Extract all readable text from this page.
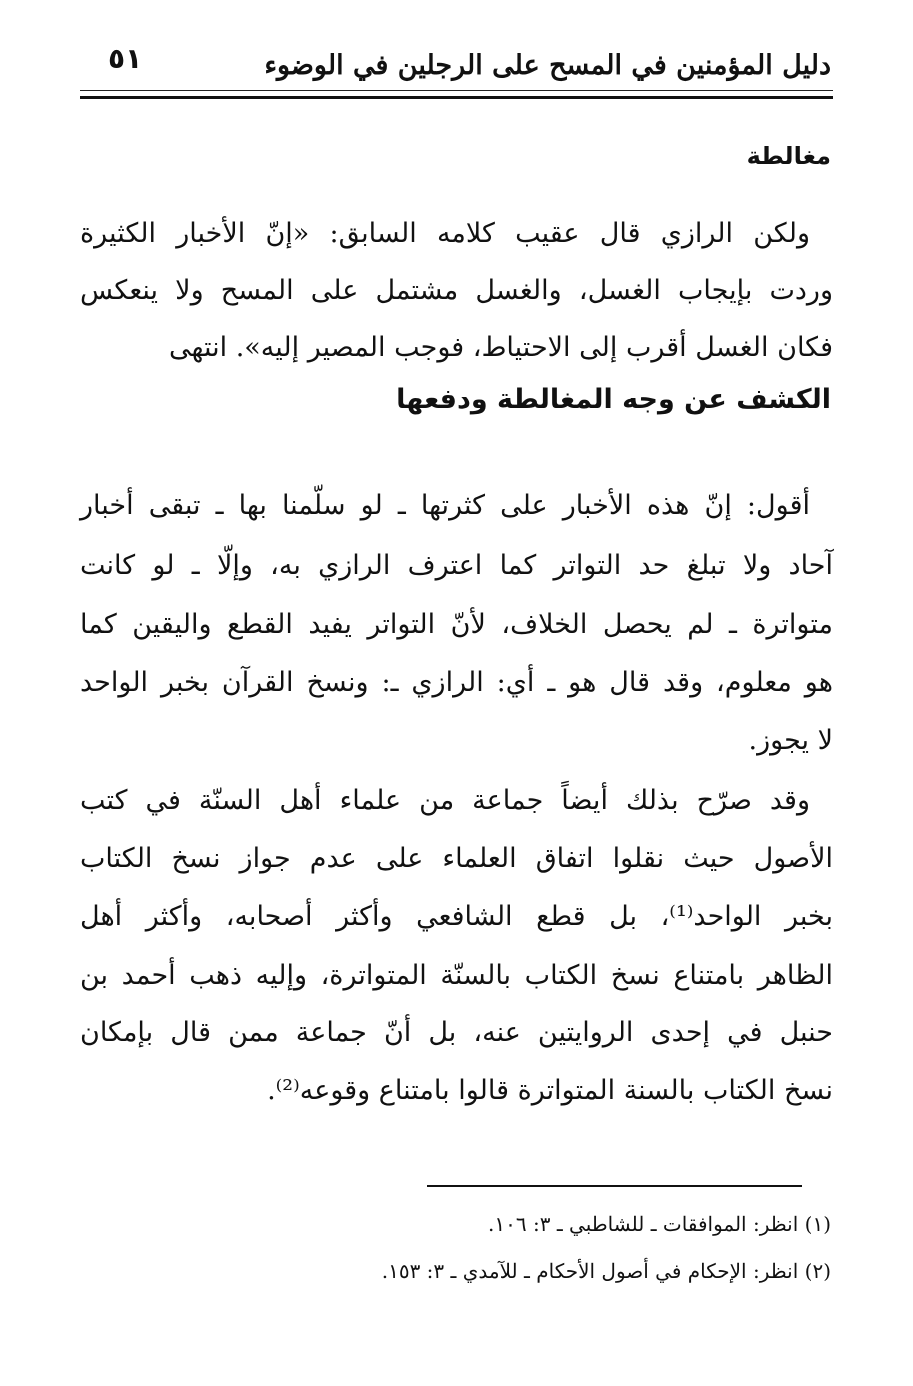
٥١	دليل المؤمنين في المسح على الرجلين في الوضوء
مغالطة
ولكن الرازي قال عقيب كلامه السابق: «إنّ الأخبار الكثيرة
وردت بإيجاب الغسل، والغسل مشتمل على المسح ولا ينعكس
فكان الغسل أقرب إلى الاحتياط، فوجب المصير إليه». انتهى
الكشف عن وجه المغالطة ودفعها
أقول: إنّ هذه الأخبار على كثرتها ـ لو سلّمنا بها ـ تبقى أخبار
آحاد ولا تبلغ حد التواتر كما اعترف الرازي به، وإلّا ـ لو كانت
متواترة ـ لم يحصل الخلاف، لأنّ التواتر يفيد القطع واليقين كما
هو معلوم، وقد قال هو ـ أي: الرازي ـ: ونسخ القرآن بخبر الواحد
لا يجوز.
وقد صرّح بذلك أيضاً جماعة من علماء أهل السنّة في كتب
الأصول حيث نقلوا اتفاق العلماء على عدم جواز نسخ الكتاب
بخبر الواحد⁽¹⁾، بل قطع الشافعي وأكثر أصحابه، وأكثر أهل
الظاهر بامتناع نسخ الكتاب بالسنّة المتواترة، وإليه ذهب أحمد بن
حنبل في إحدى الروايتين عنه، بل أنّ جماعة ممن قال بإمكان
نسخ الكتاب بالسنة المتواترة قالوا بامتناع وقوعه⁽²⁾.
(١) انظر: الموافقات ـ للشاطبي ـ ٣: ١٠٦.
(٢) انظر: الإحكام في أصول الأحكام ـ للآمدي ـ ٣: ١٥٣.
